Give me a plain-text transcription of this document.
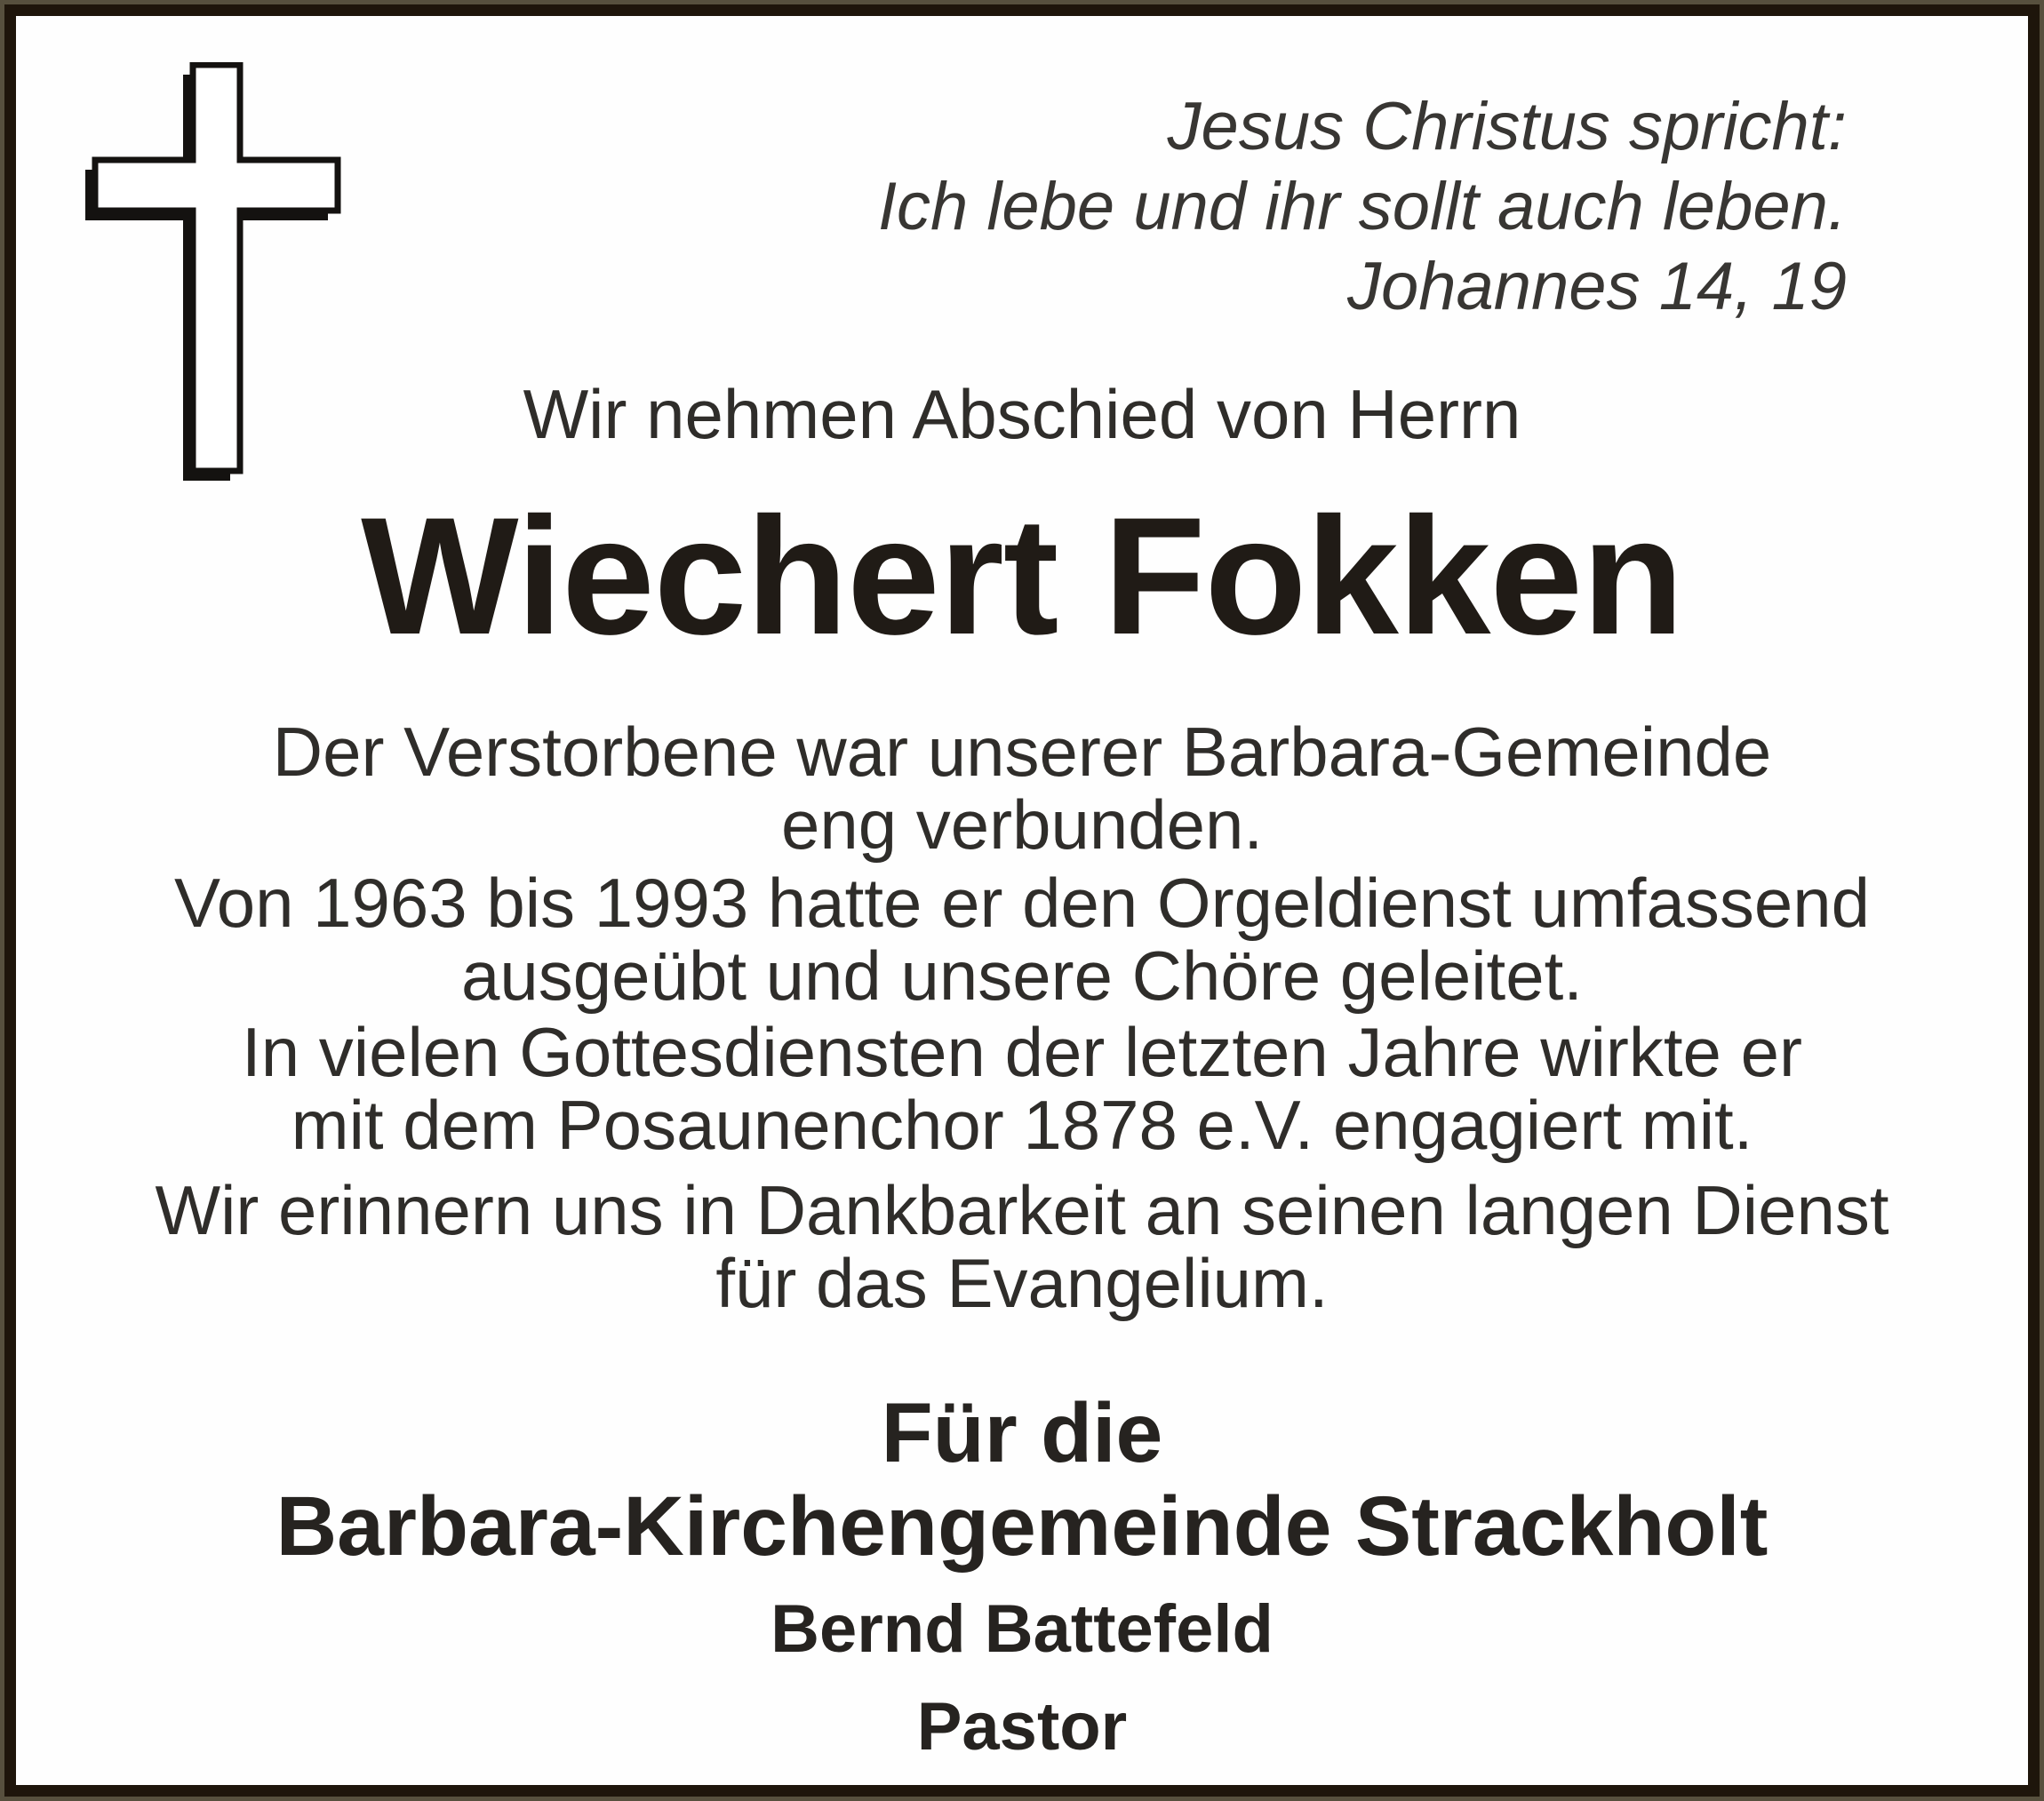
Jesus Christus spricht:
Ich lebe und ihr sollt auch leben.
Johannes 14, 19
Wir nehmen Abschied von Herrn
Wiechert Fokken
Der Verstorbene war unserer Barbara-Gemeinde
eng verbunden.
Von 1963 bis 1993 hatte er den Orgeldienst umfassend
ausgeübt und unsere Chöre geleitet.
In vielen Gottesdiensten der letzten Jahre wirkte er
mit dem Posaunenchor 1878 e.V. engagiert mit.
Wir erinnern uns in Dankbarkeit an seinen langen Dienst
für das Evangelium.
Für die
Barbara-Kirchengemeinde Strackholt
Bernd Battefeld
Pastor
